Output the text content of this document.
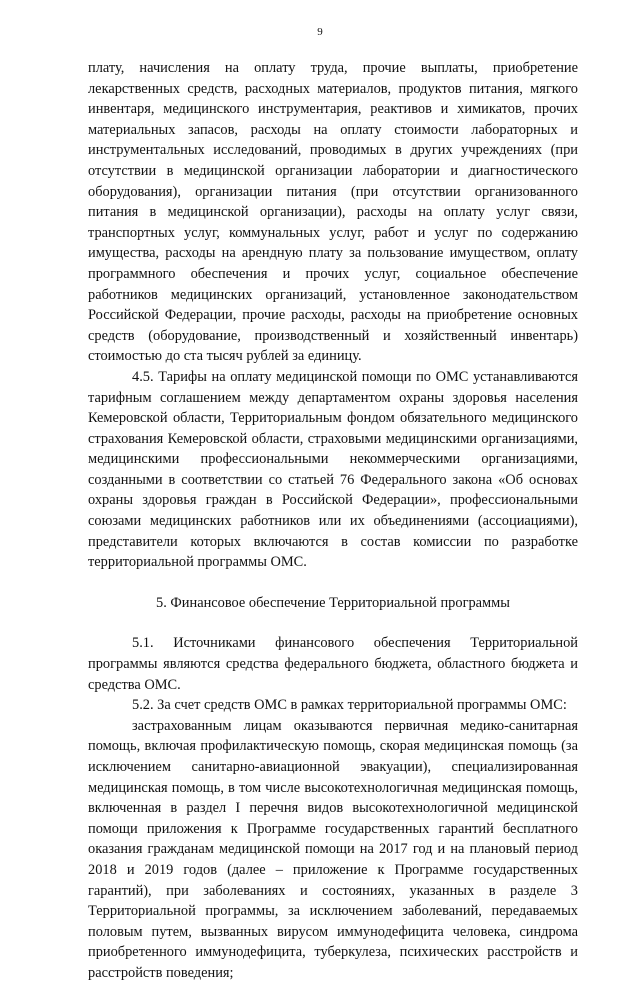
9

плату, начисления на оплату труда, прочие выплаты, приобретение лекарственных средств, расходных материалов, продуктов питания, мягкого инвентаря, медицинского инструментария, реактивов и химикатов, прочих материальных запасов, расходы на оплату стоимости лабораторных и инструментальных исследований, проводимых в других учреждениях (при отсутствии в медицинской организации лаборатории и диагностического оборудования), организации питания (при отсутствии организованного питания в медицинской организации), расходы на оплату услуг связи, транспортных услуг, коммунальных услуг, работ и услуг по содержанию имущества, расходы на арендную плату за пользование имуществом, оплату программного обеспечения и прочих услуг, социальное обеспечение работников медицинских организаций, установленное законодательством Российской Федерации, прочие расходы, расходы на приобретение основных средств (оборудование, производственный и хозяйственный инвентарь) стоимостью до ста тысяч рублей за единицу.

4.5. Тарифы на оплату медицинской помощи по ОМС устанавливаются тарифным соглашением между департаментом охраны здоровья населения Кемеровской области, Территориальным фондом обязательного медицинского страхования Кемеровской области, страховыми медицинскими организациями, медицинскими профессиональными некоммерческими организациями, созданными в соответствии со статьей 76 Федерального закона «Об основах охраны здоровья граждан в Российской Федерации», профессиональными союзами медицинских работников или их объединениями (ассоциациями), представители которых включаются в состав комиссии по разработке территориальной программы ОМС.

5. Финансовое обеспечение Территориальной программы

5.1. Источниками финансового обеспечения Территориальной программы являются средства федерального бюджета, областного бюджета и средства ОМС.

5.2. За счет средств ОМС в рамках территориальной программы ОМС:

застрахованным лицам оказываются первичная медико-санитарная помощь, включая профилактическую помощь, скорая медицинская помощь (за исключением санитарно-авиационной эвакуации), специализированная медицинская помощь, в том числе высокотехнологичная медицинская помощь, включенная в раздел I перечня видов высокотехнологичной медицинской помощи приложения к Программе государственных гарантий бесплатного оказания гражданам медицинской помощи на 2017 год и на плановый период 2018 и 2019 годов (далее – приложение к Программе государственных гарантий), при заболеваниях и состояниях, указанных в разделе 3 Территориальной программы, за исключением заболеваний, передаваемых половым путем, вызванных вирусом иммунодефицита человека, синдрома приобретенного иммунодефицита, туберкулеза, психических расстройств и расстройств поведения;
